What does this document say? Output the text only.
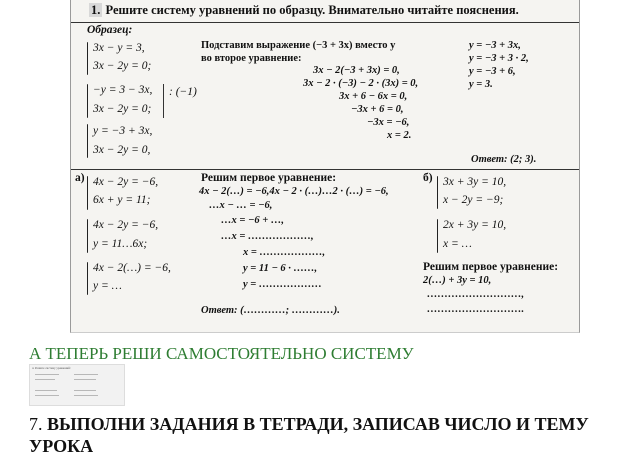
1. Решите систему уравнений по образцу. Внимательно читайте пояснения.
Образец:
3x − y = 3,
3x − 2y = 0;
−y = 3 − 3x,
3x − 2y = 0;
: (−1)
y = −3 + 3x,
3x − 2y = 0,
Подставим выражение (−3 + 3x) вместо y
во второе уравнение:
3x − 2(−3 + 3x) = 0,
3x − 2 · (−3) − 2 · (3x) = 0,
3x + 6 − 6x = 0,
−3x + 6 = 0,
−3x = −6,
x = 2.
y = −3 + 3x,
y = −3 + 3 · 2,
y = −3 + 6,
y = 3.
Ответ: (2; 3).
а) 4x − 2y = −6,
6x + y = 11;
4x − 2y = −6,
y = 11…6x;
4x − 2(…) = −6,
y = …
Решим первое уравнение:
4x − 2(…) = −6,4x − 2 · (…)…2 · (…) = −6,
…x − … = −6,
…x = −6 + …,
…x = ………………,
x = ………………,
y = 11 − 6 · ……,
y = ………………
Ответ: (…………; …………).
б) 3x + 3y = 10,
x − 2y = −9;
2x + 3y = 10,
x = …
Решим первое уравнение:
2(…) + 3y = 10,
………………………,
……………………….
А ТЕПЕРЬ РЕШИ САМОСТОЯТЕЛЬНО СИСТЕМУ
4. Решите систему уравнений:
7. ВЫПОЛНИ ЗАДАНИЯ В ТЕТРАДИ, ЗАПИСАВ ЧИСЛО И ТЕМУ УРОКА
